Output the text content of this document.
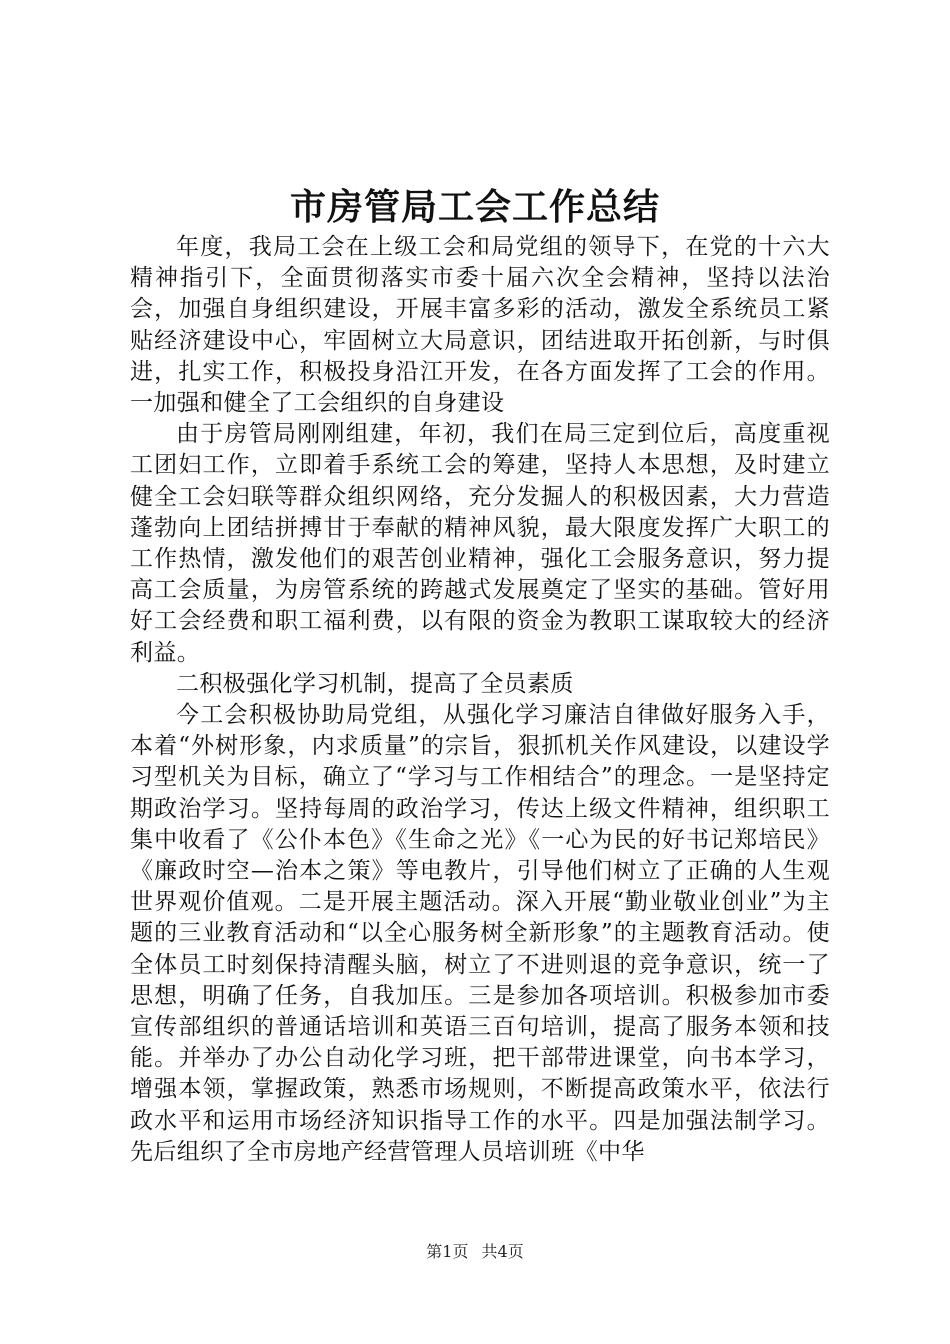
市房管局工会工作总结

年度，我局工会在上级工会和局党组的领导下，在党的十六大精神指引下，全面贯彻落实市委十届六次全会精神，坚持以法治会，加强自身组织建设，开展丰富多彩的活动，激发全系统员工紧贴经济建设中心，牢固树立大局意识，团结进取开拓创新，与时俱进，扎实工作，积极投身沿江开发，在各方面发挥了工会的作用。一加强和健全了工会组织的自身建设

由于房管局刚刚组建，年初，我们在局三定到位后，高度重视工团妇工作，立即着手系统工会的筹建，坚持人本思想，及时建立健全工会妇联等群众组织网络，充分发掘人的积极因素，大力营造蓬勃向上团结拼搏甘于奉献的精神风貌，最大限度发挥广大职工的工作热情，激发他们的艰苦创业精神，强化工会服务意识，努力提高工会质量，为房管系统的跨越式发展奠定了坚实的基础。管好用好工会经费和职工福利费，以有限的资金为教职工谋取较大的经济利益。

二积极强化学习机制，提高了全员素质

今工会积极协助局党组，从强化学习廉洁自律做好服务入手，本着“外树形象，内求质量”的宗旨，狠抓机关作风建设，以建设学习型机关为目标，确立了“学习与工作相结合”的理念。一是坚持定期政治学习。坚持每周的政治学习，传达上级文件精神，组织职工集中收看了《公仆本色》《生命之光》《一心为民的好书记郑培民》《廉政时空—治本之策》等电教片，引导他们树立了正确的人生观世界观价值观。二是开展主题活动。深入开展“勤业敬业创业”为主题的三业教育活动和“以全心服务树全新形象”的主题教育活动。使全体员工时刻保持清醒头脑，树立了不进则退的竞争意识，统一了思想，明确了任务，自我加压。三是参加各项培训。积极参加市委宣传部组织的普通话培训和英语三百句培训，提高了服务本领和技能。并举办了办公自动化学习班，把干部带进课堂，向书本学习，增强本领，掌握政策，熟悉市场规则，不断提高政策水平，依法行政水平和运用市场经济知识指导工作的水平。四是加强法制学习。先后组织了全市房地产经营管理人员培训班《中华

第1页 共4页
